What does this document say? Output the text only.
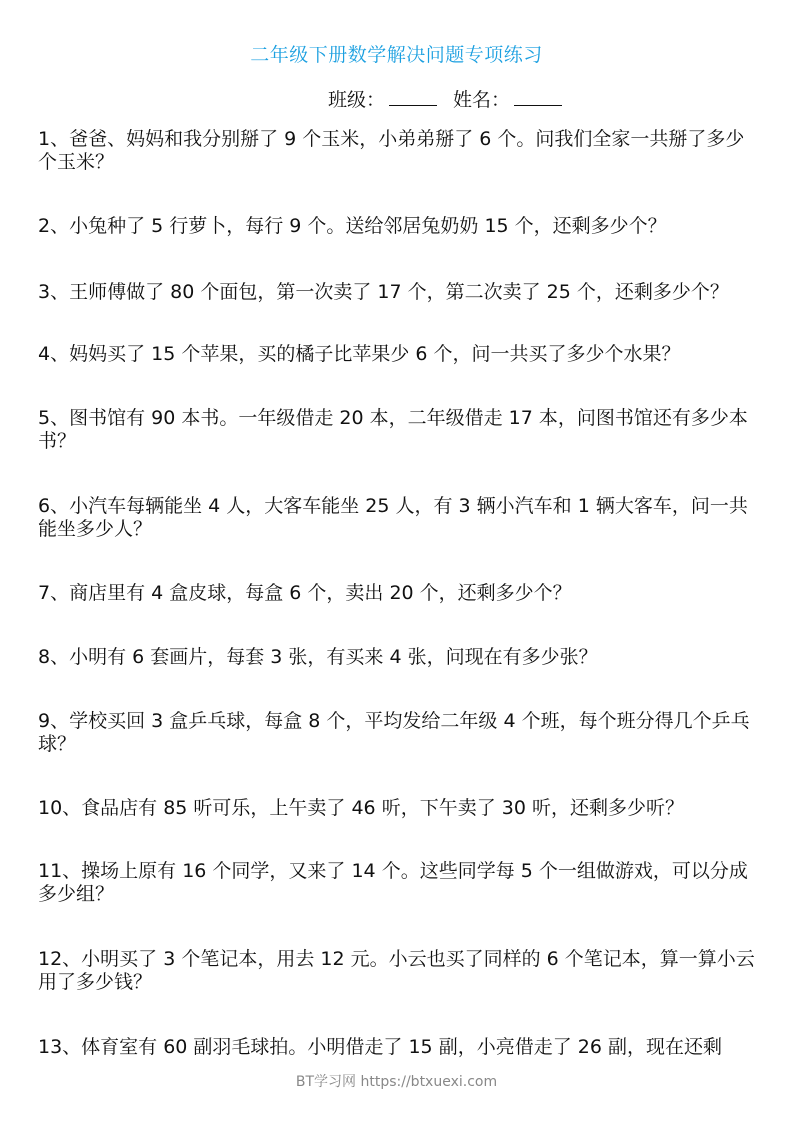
二年级下册数学解决问题专项练习
班级：	姓名：
1、爸爸、妈妈和我分别掰了 9 个玉米，小弟弟掰了 6 个。问我们全家一共掰了多少个玉米？
2、小兔种了 5 行萝卜，每行 9 个。送给邻居兔奶奶 15 个，还剩多少个？
3、王师傅做了 80 个面包，第一次卖了 17 个，第二次卖了 25 个，还剩多少个？
4、妈妈买了 15 个苹果，买的橘子比苹果少 6 个，问一共买了多少个水果？
5、图书馆有 90 本书。一年级借走 20 本，二年级借走 17 本，问图书馆还有多少本书？
6、小汽车每辆能坐 4 人，大客车能坐 25 人，有 3 辆小汽车和 1 辆大客车，问一共能坐多少人？
7、商店里有 4 盒皮球，每盒 6 个，卖出 20 个，还剩多少个？
8、小明有 6 套画片，每套 3 张，有买来 4 张，问现在有多少张？
9、学校买回 3 盒乒乓球，每盒 8 个，平均发给二年级 4 个班，每个班分得几个乒乓球？
10、食品店有 85 听可乐，上午卖了 46 听，下午卖了 30 听，还剩多少听？
11、操场上原有 16 个同学，又来了 14 个。这些同学每 5 个一组做游戏，可以分成多少组？
12、小明买了 3 个笔记本，用去 12 元。小云也买了同样的 6 个笔记本，算一算小云用了多少钱？
13、体育室有 60 副羽毛球拍。小明借走了 15 副，小亮借走了 26 副，现在还剩
BT学习网 https://btxuexi.com
